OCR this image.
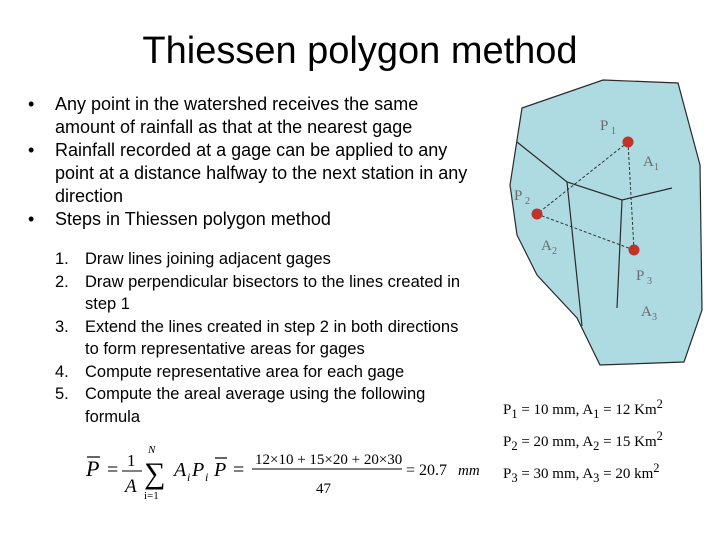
Thiessen polygon method
• Any point in the watershed receives the same amount of rainfall as that at the nearest gage
• Rainfall recorded at a gage can be applied to any point at a distance halfway to the next station in any direction
• Steps in Thiessen polygon method
1. Draw lines joining adjacent gages
2. Draw perpendicular bisectors to the lines created in step 1
3. Extend the lines created in step 2 in both directions to form representative areas for gages
4. Compute representative area for each gage
5. Compute the areal average using the following formula
P = 1
A
N
∑
i=1
A i P i P = 12×10 + 15×20 + 20×30
47
= 20.7 mm
P 1
A 1
P 2
A 2
P 3
A 3
$P_1 = 10$ mm, $A_1 = 12$ Km$^2$
$P_2 = 20$ mm, $A_2 = 15$ Km$^2$
$P_3 = 30$ mm, $A_3 = 20$ $km^2$
